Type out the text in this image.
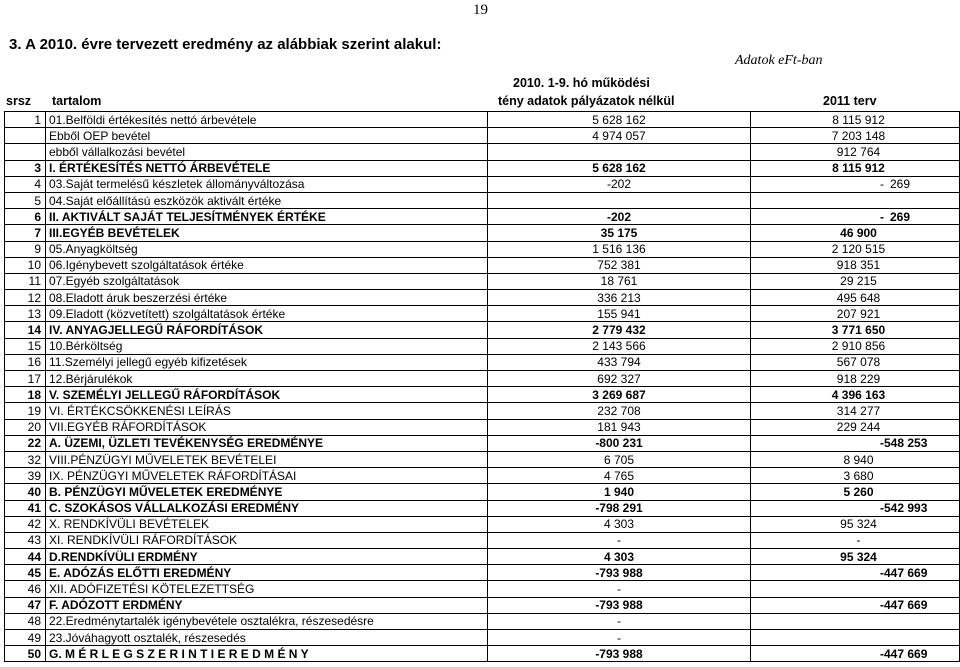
19
3. A 2010. évre tervezett eredmény az alábbiak szerint alakul:
Adatok eFt-ban
srsz tartalom
2010. 1-9. hó működési
tény adatok pályázatok nélkül	2011 terv
1	01.Belföldi értékesítés nettó árbevétele	5 628 162	8 115 912
	Ebből OEP bevétel	4 974 057	7 203 148
	ebből vállalkozási bevétel		912 764
3	I. ÉRTÉKESÍTÉS NETTÓ ÁRBEVÉTELE	5 628 162	8 115 912
4	03.Saját termelésű készletek állományváltozása	-202	- 269

5	04.Saját előállítású eszközök aktivált értéke		
6	II. AKTIVÁLT SAJÁT TELJESÍTMÉNYEK ÉRTÉKE	-202	- 269

7	III.EGYÉB BEVÉTELEK	35 175	46 900
9	05.Anyagköltség	1 516 136	2 120 515
10	06.Igénybevett szolgáltatások értéke	752 381	918 351
11	07.Egyéb szolgáltatások	18 761	29 215
12	08.Eladott áruk beszerzési értéke	336 213	495 648
13	09.Eladott (közvetített) szolgáltatások értéke	155 941	207 921
14	IV. ANYAGJELLEGŰ RÁFORDÍTÁSOK	2 779 432	3 771 650
15	10.Bérköltség	2 143 566	2 910 856
16	11.Személyi jellegű egyéb kifizetések	433 794	567 078
17	12.Bérjárulékok	692 327	918 229
18	V. SZEMÉLYI JELLEGŰ RÁFORDÍTÁSOK	3 269 687	4 396 163
19	VI. ÉRTÉKCSÖKKENÉSI LEÍRÁS	232 708	314 277
20	VII.EGYÉB RÁFORDÍTÁSOK	181 943	229 244
22	A. ÜZEMI, ÜZLETI TEVÉKENYSÉG EREDMÉNYE	-800 231	- 548 253

32	VIII.PÉNZÜGYI MŰVELETEK BEVÉTELEI	6 705	8 940
39	IX. PÉNZÜGYI MŰVELETEK RÁFORDÍTÁSAI	4 765	3 680
40	B. PÉNZÜGYI MŰVELETEK EREDMÉNYE	1 940	5 260
41	C. SZOKÁSOS VÁLLALKOZÁSI EREDMÉNY	-798 291	- 542 993

42	X. RENDKÍVÜLI BEVÉTELEK	4 303	95 324
43	XI. RENDKÍVÜLI RÁFORDÍTÁSOK	-	-
44	D.RENDKÍVÜLI ERDMÉNY	4 303	95 324
45	E. ADÓZÁS ELŐTTI EREDMÉNY	-793 988	- 447 669

46	XII. ADÓFIZETÉSI KÖTELEZETTSÉG	-	
47	F. ADÓZOTT ERDMÉNY	-793 988	- 447 669

48	22.Eredménytartalék igénybevétele osztalékra, részesedésre	-	
49	23.Jóváhagyott osztalék, részesedés	-	
50	G. M É R L E G S Z E R I N T I E R E D M É N Y	-793 988	- 447 669
